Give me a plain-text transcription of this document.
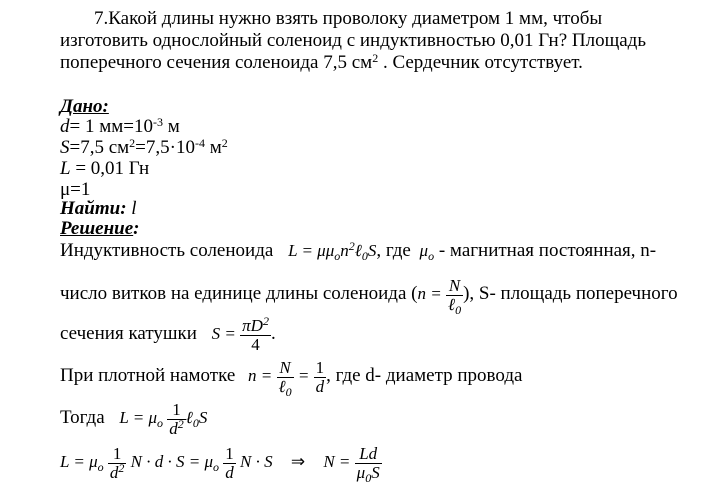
7.Какой длины нужно взять проволоку диаметром 1 мм, чтобы
изготовить однослойный соленоид с индуктивностью 0,01 Гн? Площадь
поперечного сечения соленоида 7,5 $см^2$ . Сердечник отсутствует.
Дано:
d= 1 $мм=10^{-3}$ м
S=7,5 $см^2=7,5\cdot 10^{-4}$ $м^2$
L = 0,01 Гн
μ=1
Найти: l
Решение:
Индуктивность соленоида $L = \mu\mu_on^2\ell_0S$, где $\mu_o$ - магнитная постоянная, n-
число витков на единице длины соленоида ($n = \frac{N}{\ell_0}$ ), S- площадь поперечного
сечения катушки $S = \frac{\pi D^2}{4}$ .
При плотной намотке $n = \frac{N}{\ell_0} = \frac{1}{d}$ , где d- диаметр провода
Тогда $L = \mu_o \frac{1}{d^2}$ ℓ$_0$S
$L = \mu_o \frac{1}{d^2}$ $N \cdot d \cdot S = \mu_o \frac{1}{d}$ N · S ⇒ $N = \frac{Ld}{\mu_0S}$
